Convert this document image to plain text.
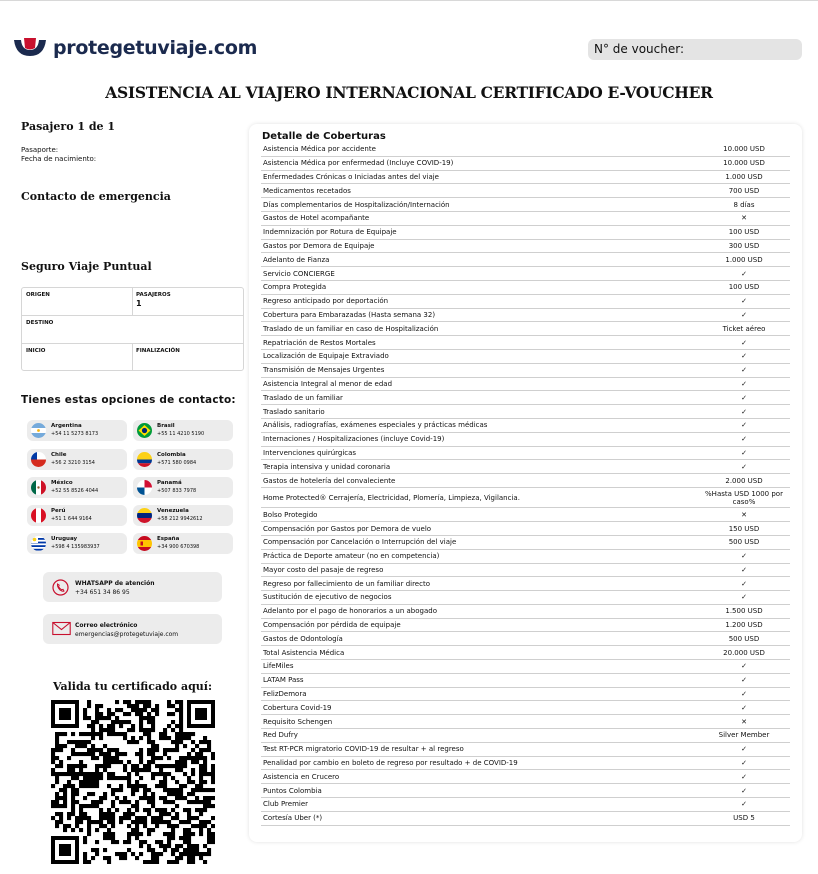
protegetuviaje.com	N° de voucher:
ASISTENCIA AL VIAJERO INTERNACIONAL CERTIFICADO E-VOUCHER
Pasajero 1 de 1
Pasaporte:
Fecha de nacimiento:
Contacto de emergencia
Seguro Viaje Puntual
ORIGEN	PASAJEROS
1
DESTINO
INICIO	FINALIZACIÓN
Tienes estas opciones de contacto:
Argentina
+54 11 5273 8173
Brasil
+55 11 4210 5190
Chile
+56 2 3210 3154
Colombia
+571 580 0984
México
+52 55 8526 4044
Panamá
+507 833 7978
Perú
+51 1 644 9164
Venezuela
+58 212 9942612
Uruguay
+598 4 135983937
España
+34 900 670398
WHATSAPP de atención
+34 651 34 86 95
Correo electrónico
emergencias@protegetuviaje.com
Valida tu certificado aquí:
Detalle de Coberturas
Asistencia Médica por accidente	10.000 USD
Asistencia Médica por enfermedad (Incluye COVID-19)	10.000 USD
Enfermedades Crónicas o Iniciadas antes del viaje	1.000 USD
Medicamentos recetados	700 USD
Días complementarios de Hospitalización/Internación	8 días
Gastos de Hotel acompañante	✕
Indemnización por Rotura de Equipaje	100 USD
Gastos por Demora de Equipaje	300 USD
Adelanto de Fianza	1.000 USD
Servicio CONCIERGE	✓
Compra Protegida	100 USD
Regreso anticipado por deportación	✓
Cobertura para Embarazadas (Hasta semana 32)	✓
Traslado de un familiar en caso de Hospitalización	Ticket aéreo
Repatriación de Restos Mortales	✓
Localización de Equipaje Extraviado	✓
Transmisión de Mensajes Urgentes	✓
Asistencia Integral al menor de edad	✓
Traslado de un familiar	✓
Traslado sanitario	✓
Análisis, radiografías, exámenes especiales y prácticas médicas	✓
Internaciones / Hospitalizaciones (incluye Covid-19)	✓
Intervenciones quirúrgicas	✓
Terapia intensiva y unidad coronaria	✓
Gastos de hotelería del convaleciente	2.000 USD
Home Protected® Cerrajería, Electricidad, Plomería, Limpieza, Vigilancia.	%Hasta USD 1000 por caso%
Bolso Protegido	✕
Compensación por Gastos por Demora de vuelo	150 USD
Compensación por Cancelación o Interrupción del viaje	500 USD
Práctica de Deporte amateur (no en competencia)	✓
Mayor costo del pasaje de regreso	✓
Regreso por fallecimiento de un familiar directo	✓
Sustitución de ejecutivo de negocios	✓
Adelanto por el pago de honorarios a un abogado	1.500 USD
Compensación por pérdida de equipaje	1.200 USD
Gastos de Odontología	500 USD
Total Asistencia Médica	20.000 USD
LifeMiles	✓
LATAM Pass	✓
FelizDemora	✓
Cobertura Covid-19	✓
Requisito Schengen	✕
Red Dufry	Silver Member
Test RT-PCR migratorio COVID-19 de resultar + al regreso	✓
Penalidad por cambio en boleto de regreso por resultado + de COVID-19	✓
Asistencia en Crucero	✓
Puntos Colombia	✓
Club Premier	✓
Cortesía Uber (*)	USD 5
